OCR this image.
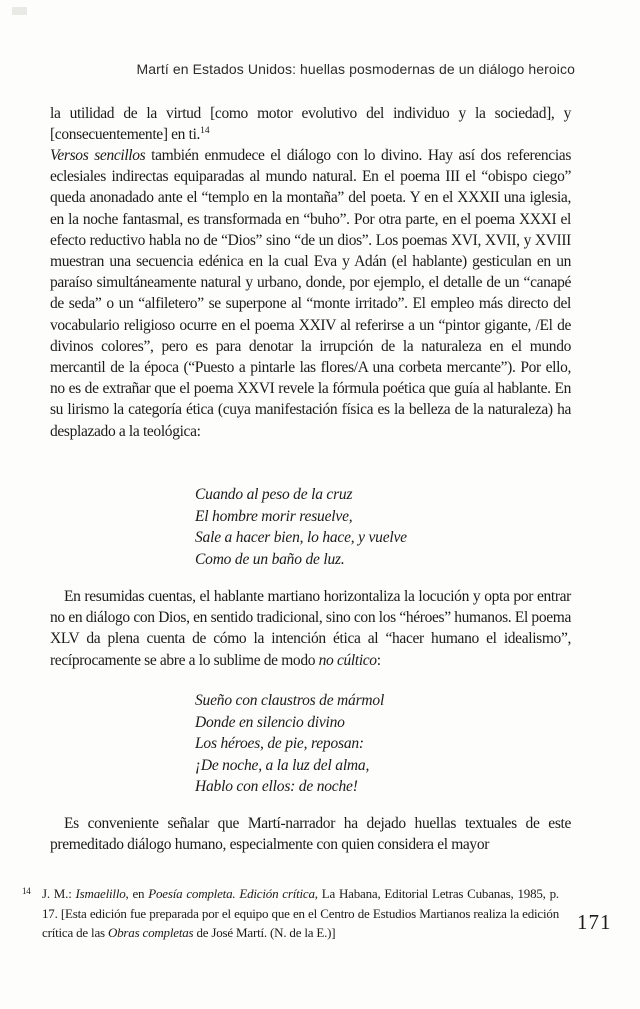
Martí en Estados Unidos: huellas posmodernas de un diálogo heroico

la utilidad de la virtud [como motor evolutivo del individuo y la sociedad], y [consecuentemente] en ti.$^{14}$

Versos sencillos también enmudece el diálogo con lo divino. Hay así dos referencias eclesiales indirectas equiparadas al mundo natural. En el poema III el “obispo ciego” queda anonadado ante el “templo en la montaña” del poeta. Y en el XXXII una iglesia, en la noche fantasmal, es transformada en “buho”. Por otra parte, en el poema XXXI el efecto reductivo habla no de “Dios” sino “de un dios”. Los poemas XVI, XVII, y XVIII muestran una secuencia edénica en la cual Eva y Adán (el hablante) gesticulan en un paraíso simultáneamente natural y urbano, donde, por ejemplo, el detalle de un “canapé de seda” o un “alfiletero” se superpone al “monte irritado”. El empleo más directo del vocabulario religioso ocurre en el poema XXIV al referirse a un “pintor gigante, /El de divinos colores”, pero es para denotar la irrupción de la naturaleza en el mundo mercantil de la época (“Puesto a pintarle las flores/A una corbeta mercante”). Por ello, no es de extrañar que el poema XXVI revele la fórmula poética que guía al hablante. En su lirismo la categoría ética (cuya manifestación física es la belleza de la naturaleza) ha desplazado a la teológica:

Cuando al peso de la cruz
El hombre morir resuelve,
Sale a hacer bien, lo hace, y vuelve
Como de un baño de luz.

En resumidas cuentas, el hablante martiano horizontaliza la locución y opta por entrar no en diálogo con Dios, en sentido tradicional, sino con los “héroes” humanos. El poema XLV da plena cuenta de cómo la intención ética al “hacer humano el idealismo”, recíprocamente se abre a lo sublime de modo no cúltico:

Sueño con claustros de mármol
Donde en silencio divino
Los héroes, de pie, reposan:
¡De noche, a la luz del alma,
Hablo con ellos: de noche!

Es conveniente señalar que Martí-narrador ha dejado huellas textuales de este premeditado diálogo humano, especialmente con quien considera el mayor

14 J. M.: Ismaelillo, en Poesía completa. Edición crítica, La Habana, Editorial Letras Cubanas, 1985, p. 17. [Esta edición fue preparada por el equipo que en el Centro de Estudios Martianos realiza la edición crítica de las Obras completas de José Martí. (N. de la E.)]	171
